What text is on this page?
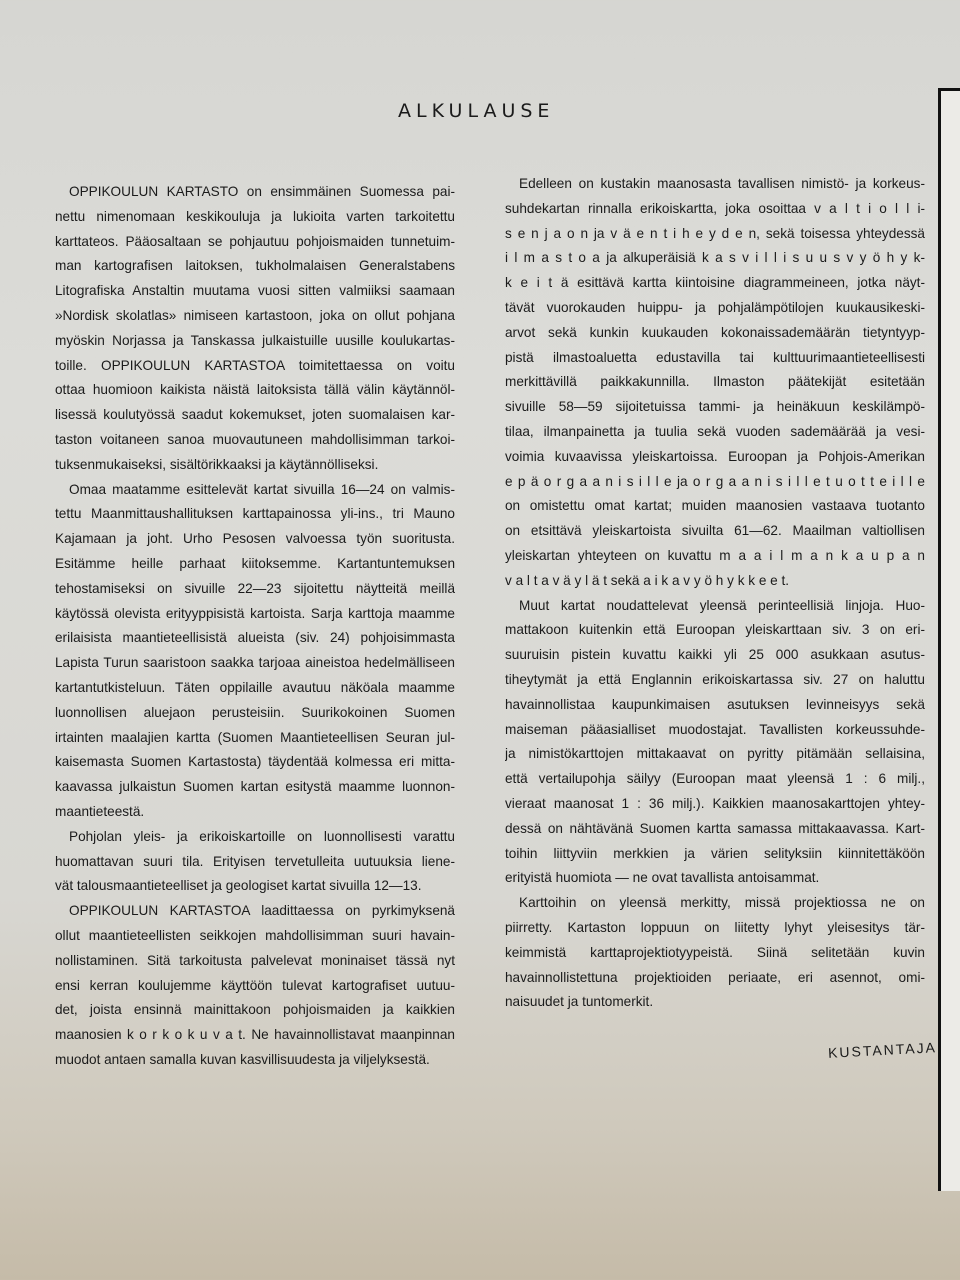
ALKULAUSE
OPPIKOULUN KARTASTO on ensimmäinen Suomessa pai-
nettu nimenomaan keskikouluja ja lukioita varten tarkoitettu
karttateos. Pääosaltaan se pohjautuu pohjoismaiden tunnetuim-
man kartografisen laitoksen, tukholmalaisen Generalstabens
Litografiska Anstaltin muutama vuosi sitten valmiiksi saamaan
»Nordisk skolatlas» nimiseen kartastoon, joka on ollut pohjana
myöskin Norjassa ja Tanskassa julkaistuille uusille koulukartas-
toille. OPPIKOULUN KARTASTOA toimitettaessa on voitu
ottaa huomioon kaikista näistä laitoksista tällä välin käytännöl-
lisessä koulutyössä saadut kokemukset, joten suomalaisen kar-
taston voitaneen sanoa muovautuneen mahdollisimman tarkoi-
tuksenmukaiseksi, sisältörikkaaksi ja käytännölliseksi.
Omaa maatamme esittelevät kartat sivuilla 16—24 on valmis-
tettu Maanmittaushallituksen karttapainossa yli-ins., tri Mauno
Kajamaan ja joht. Urho Pesosen valvoessa työn suoritusta.
Esitämme heille parhaat kiitoksemme. Kartantuntemuksen
tehostamiseksi on sivuille 22—23 sijoitettu näytteitä meillä
käytössä olevista erityyppisistä kartoista. Sarja karttoja maamme
erilaisista maantieteellisistä alueista (siv. 24) pohjoisimmasta
Lapista Turun saaristoon saakka tarjoaa aineistoa hedelmälliseen
kartantutkisteluun. Täten oppilaille avautuu näköala maamme
luonnollisen aluejaon perusteisiin. Suurikokoinen Suomen
irtainten maalajien kartta (Suomen Maantieteellisen Seuran jul-
kaisemasta Suomen Kartastosta) täydentää kolmessa eri mitta-
kaavassa julkaistun Suomen kartan esitystä maamme luonnon-
maantieteestä.
Pohjolan yleis- ja erikoiskartoille on luonnollisesti varattu
huomattavan suuri tila. Erityisen tervetulleita uutuuksia liene-
vät talousmaantieteelliset ja geologiset kartat sivuilla 12—13.
OPPIKOULUN KARTASTOA laadittaessa on pyrkimyksenä
ollut maantieteellisten seikkojen mahdollisimman suuri havain-
nollistaminen. Sitä tarkoitusta palvelevat moninaiset tässä nyt
ensi kerran koulujemme käyttöön tulevat kartografiset uutuu-
det, joista ensinnä mainittakoon pohjoismaiden ja kaikkien
maanosien k o r k o k u v a t. Ne havainnollistavat maanpinnan
muodot antaen samalla kuvan kasvillisuudesta ja viljelyksestä.
Edelleen on kustakin maanosasta tavallisen nimistö- ja korkeus-
suhdekartan rinnalla erikoiskartta, joka osoittaa v a l t i o l l i-
s e n j a o n ja v ä e n t i h e y d e n, sekä toisessa yhteydessä
i l m a s t o a ja alkuperäisiä k a s v i l l i s u u s v y ö h y k-
k e i t ä esittävä kartta kiintoisine diagrammeineen, jotka näyt-
tävät vuorokauden huippu- ja pohjalämpötilojen kuukausikeski-
arvot sekä kunkin kuukauden kokonaissademäärän tietyntyyp-
pistä ilmastoaluetta edustavilla tai kulttuurimaantieteellisesti
merkittävillä paikkakunnilla. Ilmaston päätekijät esitetään
sivuille 58—59 sijoitetuissa tammi- ja heinäkuun keskilämpö-
tilaa, ilmanpainetta ja tuulia sekä vuoden sademäärää ja vesi-
voimia kuvaavissa yleiskartoissa. Euroopan ja Pohjois-Amerikan
e p ä o r g a a n i s i l l e ja o r g a a n i s i l l e t u o t t e i l l e
on omistettu omat kartat; muiden maanosien vastaava tuotanto
on etsittävä yleiskartoista sivuilta 61—62. Maailman valtiollisen
yleiskartan yhteyteen on kuvattu m a a i l m a n k a u p a n
v a l t a v ä y l ä t sekä a i k a v y ö h y k k e e t.
Muut kartat noudattelevat yleensä perinteellisiä linjoja. Huo-
mattakoon kuitenkin että Euroopan yleiskarttaan siv. 3 on eri-
suuruisin pistein kuvattu kaikki yli 25 000 asukkaan asutus-
tiheytymät ja että Englannin erikoiskartassa siv. 27 on haluttu
havainnollistaa kaupunkimaisen asutuksen levinneisyys sekä
maiseman pääasialliset muodostajat. Tavallisten korkeussuhde-
ja nimistökarttojen mittakaavat on pyritty pitämään sellaisina,
että vertailupohja säilyy (Euroopan maat yleensä 1 : 6 milj.,
vieraat maanosat 1 : 36 milj.). Kaikkien maanosakarttojen yhtey-
dessä on nähtävänä Suomen kartta samassa mittakaavassa. Kart-
toihin liittyviin merkkien ja värien selityksiin kiinnitettäköön
erityistä huomiota — ne ovat tavallista antoisammat.
Karttoihin on yleensä merkitty, missä projektiossa ne on
piirretty. Kartaston loppuun on liitetty lyhyt yleisesitys tär-
keimmistä karttaprojektiotyypeistä. Siinä selitetään kuvin
havainnollistettuna projektioiden periaate, eri asennot, omi-
naisuudet ja tuntomerkit.
KUSTANTAJA
